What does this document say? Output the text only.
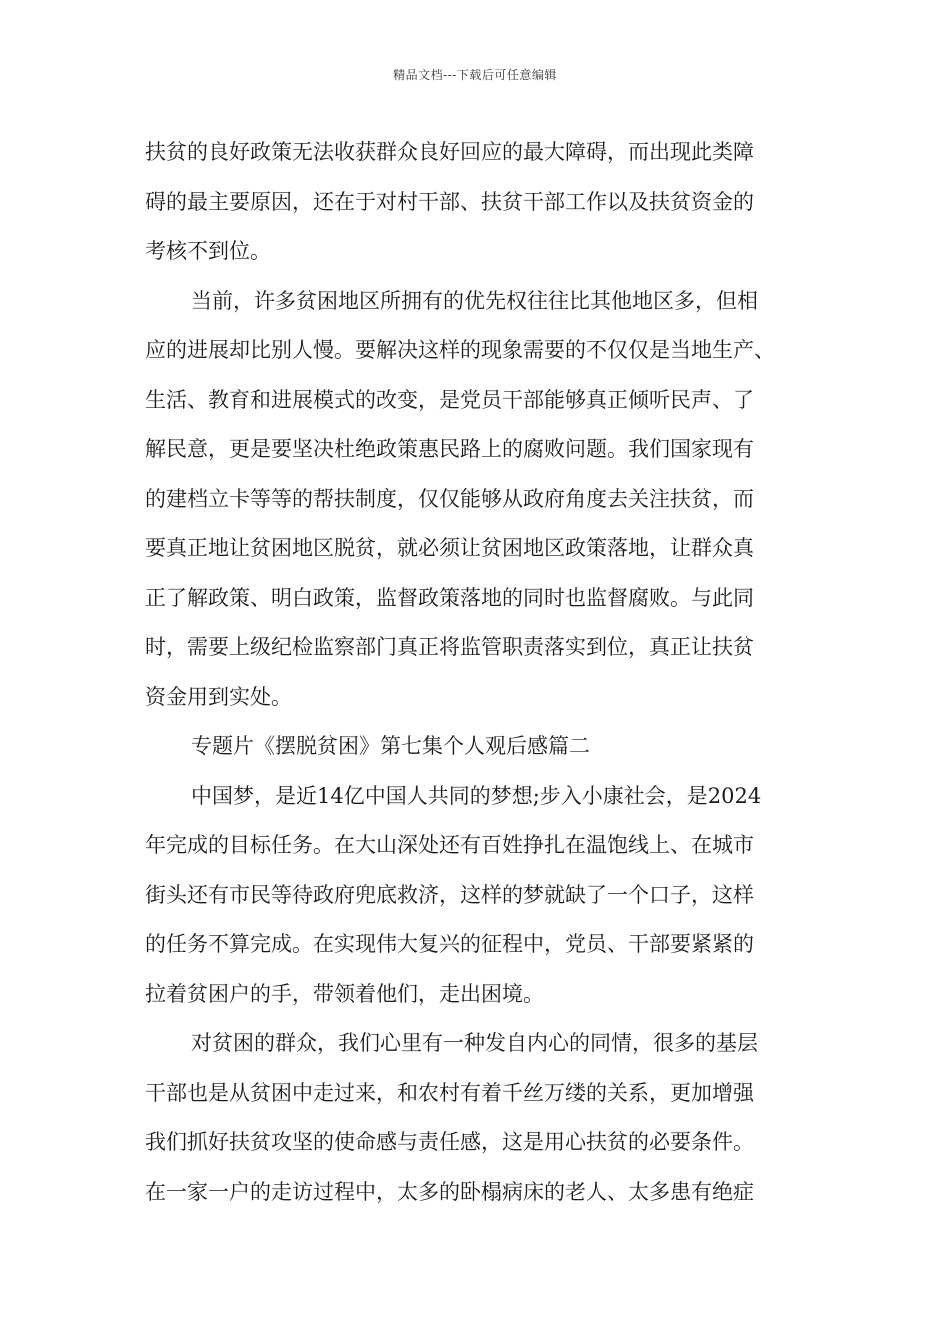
精品文档---下载后可任意编辑
扶贫的良好政策无法收获群众良好回应的最大障碍，而出现此类障
碍的最主要原因，还在于对村干部、扶贫干部工作以及扶贫资金的
考核不到位。
当前，许多贫困地区所拥有的优先权往往比其他地区多，但相
应的进展却比别人慢。要解决这样的现象需要的不仅仅是当地生产、
生活、教育和进展模式的改变，是党员干部能够真正倾听民声、了
解民意，更是要坚决杜绝政策惠民路上的腐败问题。我们国家现有
的建档立卡等等的帮扶制度，仅仅能够从政府角度去关注扶贫，而
要真正地让贫困地区脱贫，就必须让贫困地区政策落地，让群众真
正了解政策、明白政策，监督政策落地的同时也监督腐败。与此同
时，需要上级纪检监察部门真正将监管职责落实到位，真正让扶贫
资金用到实处。
专题片《摆脱贫困》第七集个人观后感篇二
中国梦，是近14亿中国人共同的梦想;步入小康社会，是2024
年完成的目标任务。在大山深处还有百姓挣扎在温饱线上、在城市
街头还有市民等待政府兜底救济，这样的梦就缺了一个口子，这样
的任务不算完成。在实现伟大复兴的征程中，党员、干部要紧紧的
拉着贫困户的手，带领着他们，走出困境。
对贫困的群众，我们心里有一种发自内心的同情，很多的基层
干部也是从贫困中走过来，和农村有着千丝万缕的关系，更加增强
我们抓好扶贫攻坚的使命感与责任感，这是用心扶贫的必要条件。
在一家一户的走访过程中，太多的卧榻病床的老人、太多患有绝症
